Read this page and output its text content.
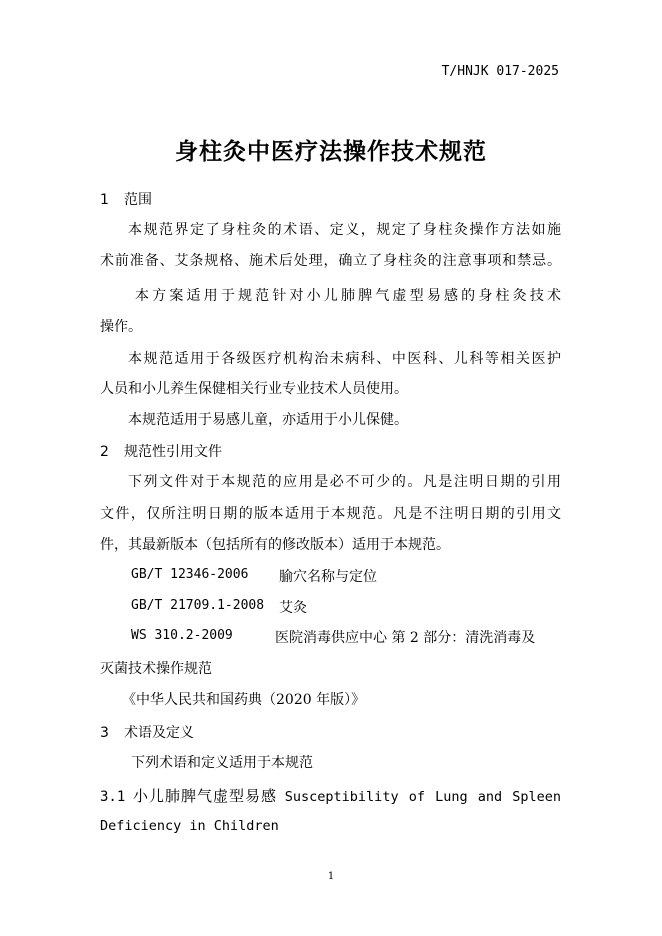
T/HNJK 017-2025
身柱灸中医疗法操作技术规范
1 范围
本规范界定了身柱灸的术语、定义，规定了身柱灸操作方法如施
术前准备、艾条规格、施术后处理，确立了身柱灸的注意事项和禁忌。
本方案适用于规范针对小儿肺脾气虚型易感的身柱灸技术
操作。
本规范适用于各级医疗机构治未病科、中医科、儿科等相关医护
人员和小儿养生保健相关行业专业技术人员使用。
本规范适用于易感儿童，亦适用于小儿保健。
2 规范性引用文件
下列文件对于本规范的应用是必不可少的。凡是注明日期的引用
文件，仅所注明日期的版本适用于本规范。凡是不注明日期的引用文
件，其最新版本（包括所有的修改版本）适用于本规范。
GB/T 12346-2006 腧穴名称与定位
GB/T 21709.1-2008 艾灸
WS 310.2-2009	医院消毒供应中心 第 2 部分：清洗消毒及
灭菌技术操作规范
《中华人民共和国药典（2020 年版）》
3 术语及定义
下列术语和定义适用于本规范
3.1 小儿肺脾气虚型易感 Susceptibility of Lung and Spleen
Deficiency in Children
1
